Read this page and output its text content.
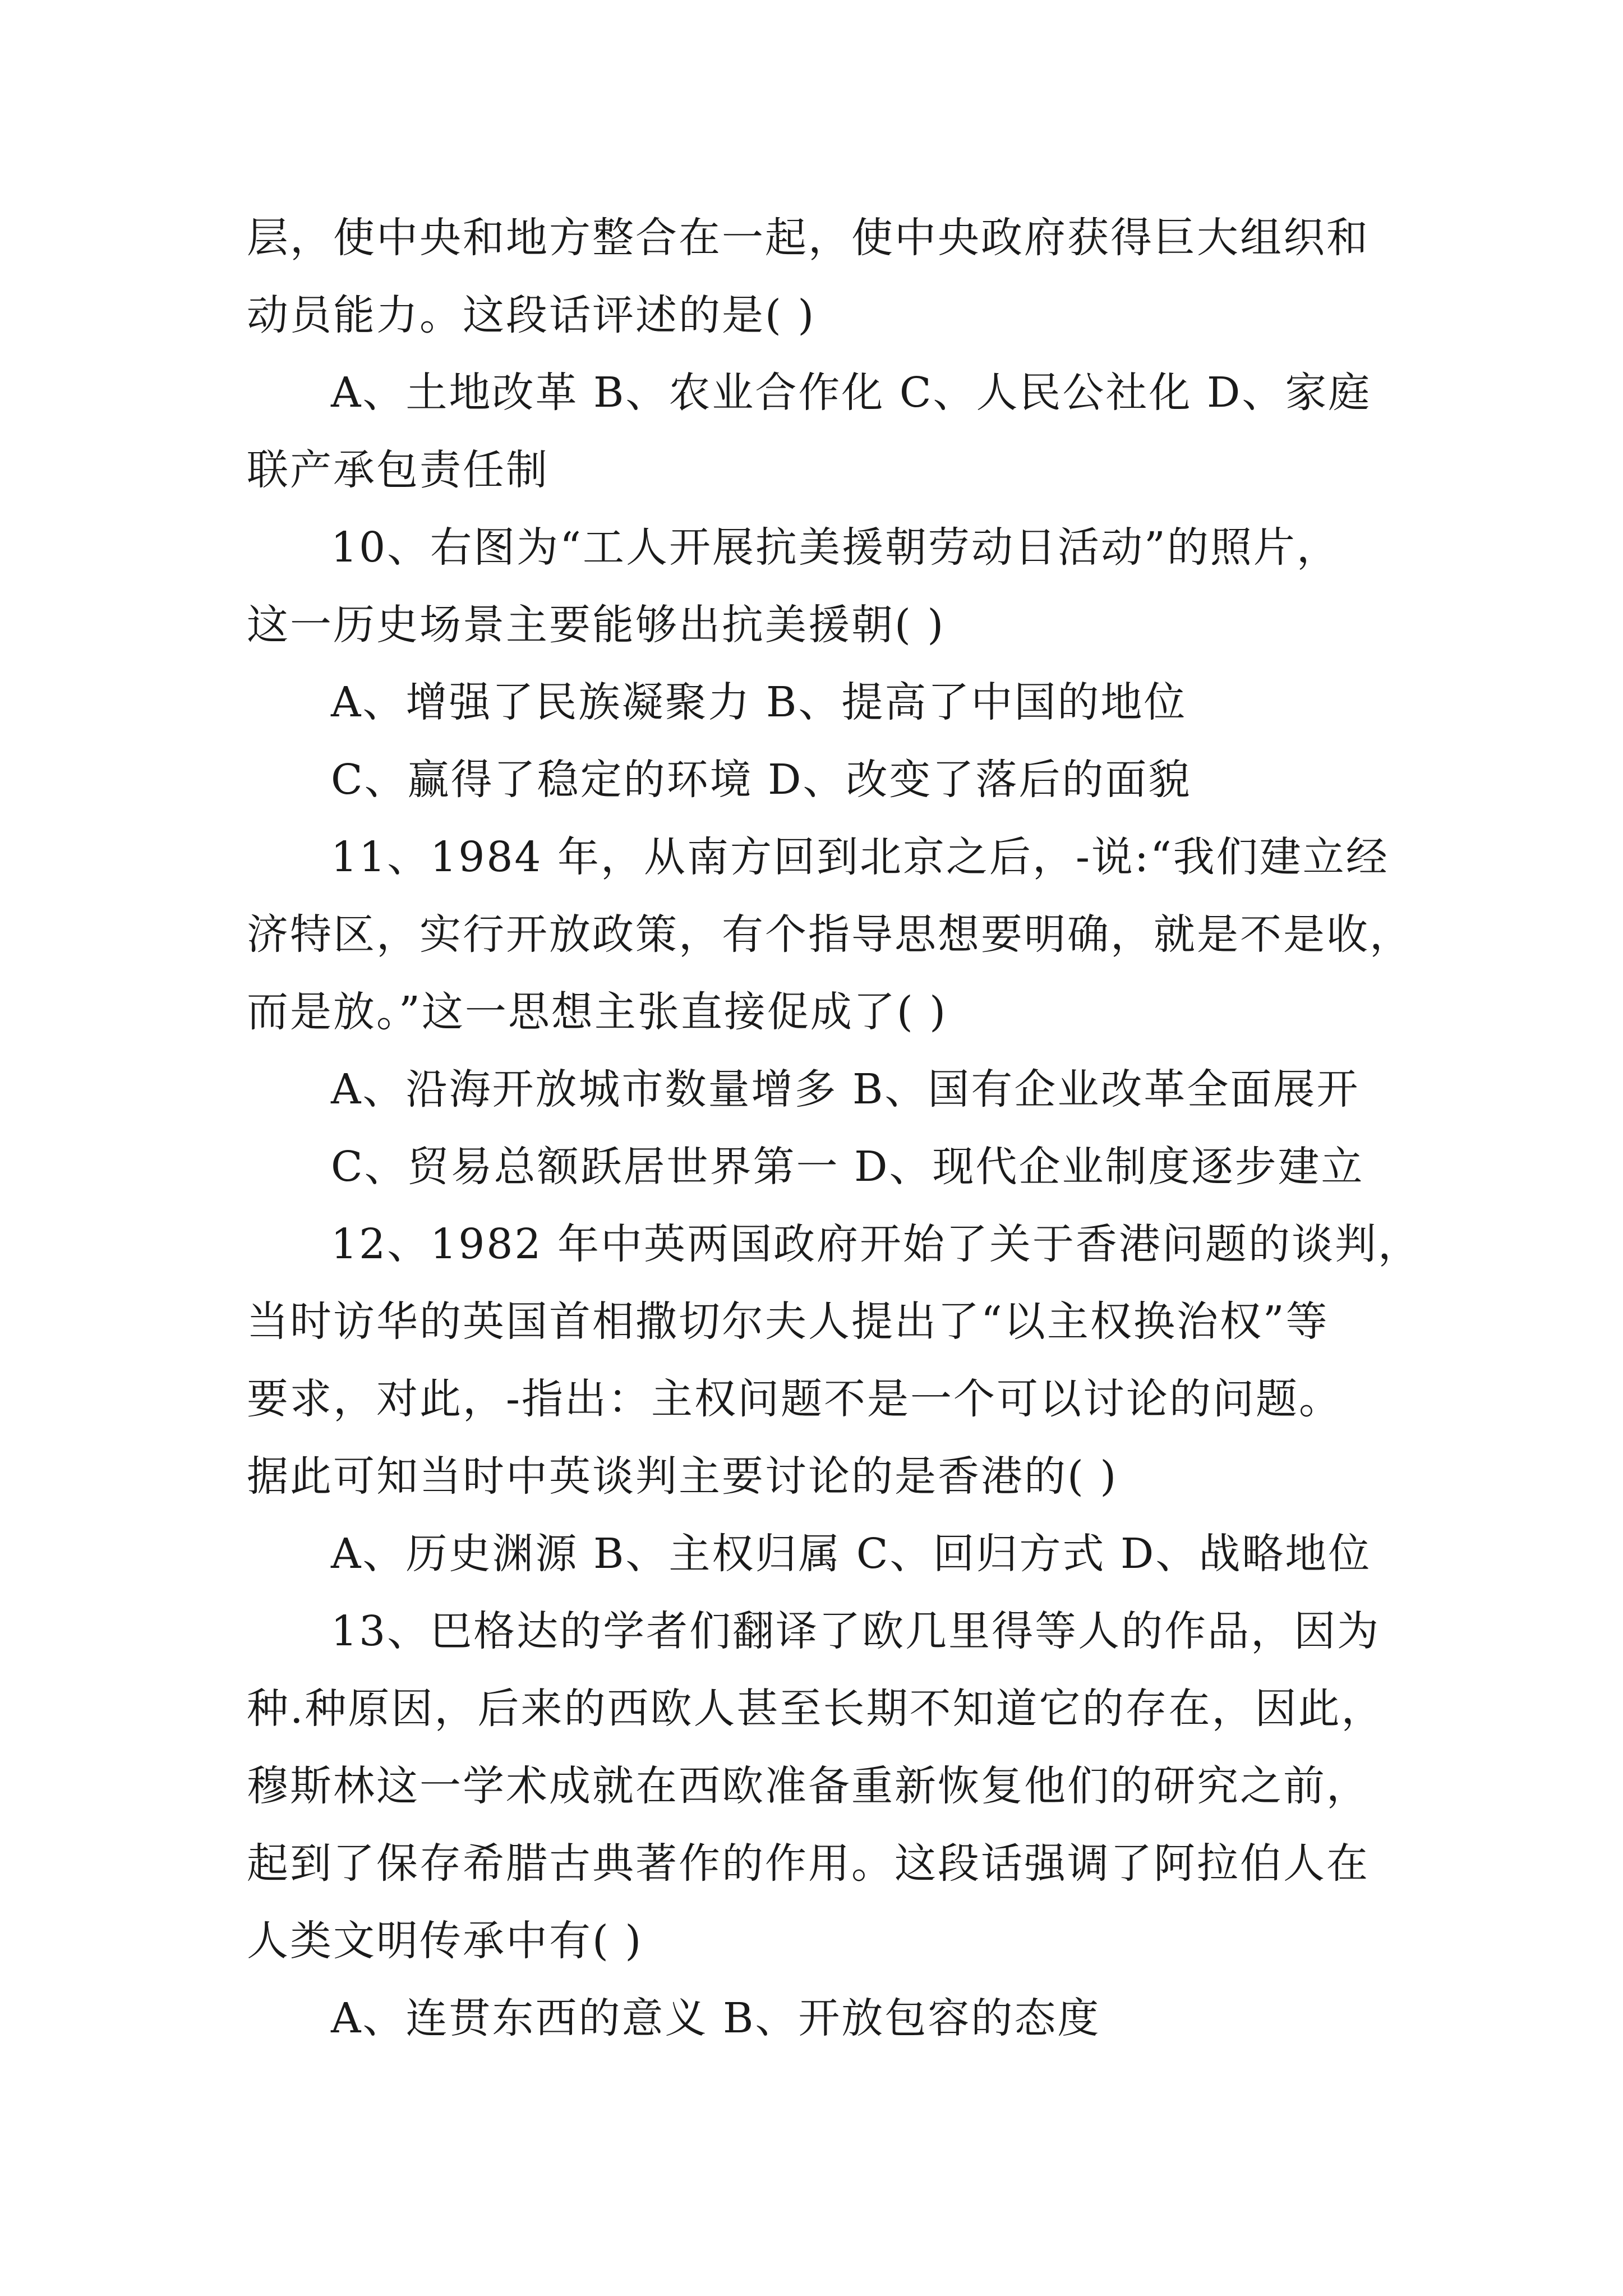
层，使中央和地方整合在一起，使中央政府获得巨大组织和
动员能力。这段话评述的是( )
A、土地改革 B、农业合作化 C、人民公社化 D、家庭
联产承包责任制
10、右图为“工人开展抗美援朝劳动日活动”的照片，
这一历史场景主要能够出抗美援朝( )
A、增强了民族凝聚力 B、提高了中国的地位
C、赢得了稳定的环境 D、改变了落后的面貌
11、1984 年，从南方回到北京之后，-说:“我们建立经
济特区，实行开放政策，有个指导思想要明确，就是不是收，
而是放。”这一思想主张直接促成了( )
A、沿海开放城市数量增多 B、国有企业改革全面展开
C、贸易总额跃居世界第一 D、现代企业制度逐步建立
12、1982 年中英两国政府开始了关于香港问题的谈判，
当时访华的英国首相撒切尔夫人提出了“以主权换治权”等
要求，对此，-指出：主权问题不是一个可以讨论的问题。
据此可知当时中英谈判主要讨论的是香港的( )
A、历史渊源 B、主权归属 C、回归方式 D、战略地位
13、巴格达的学者们翻译了欧几里得等人的作品，因为
种.种原因，后来的西欧人甚至长期不知道它的存在，因此，
穆斯林这一学术成就在西欧准备重新恢复他们的研究之前，
起到了保存希腊古典著作的作用。这段话强调了阿拉伯人在
人类文明传承中有( )
A、连贯东西的意义 B、开放包容的态度
